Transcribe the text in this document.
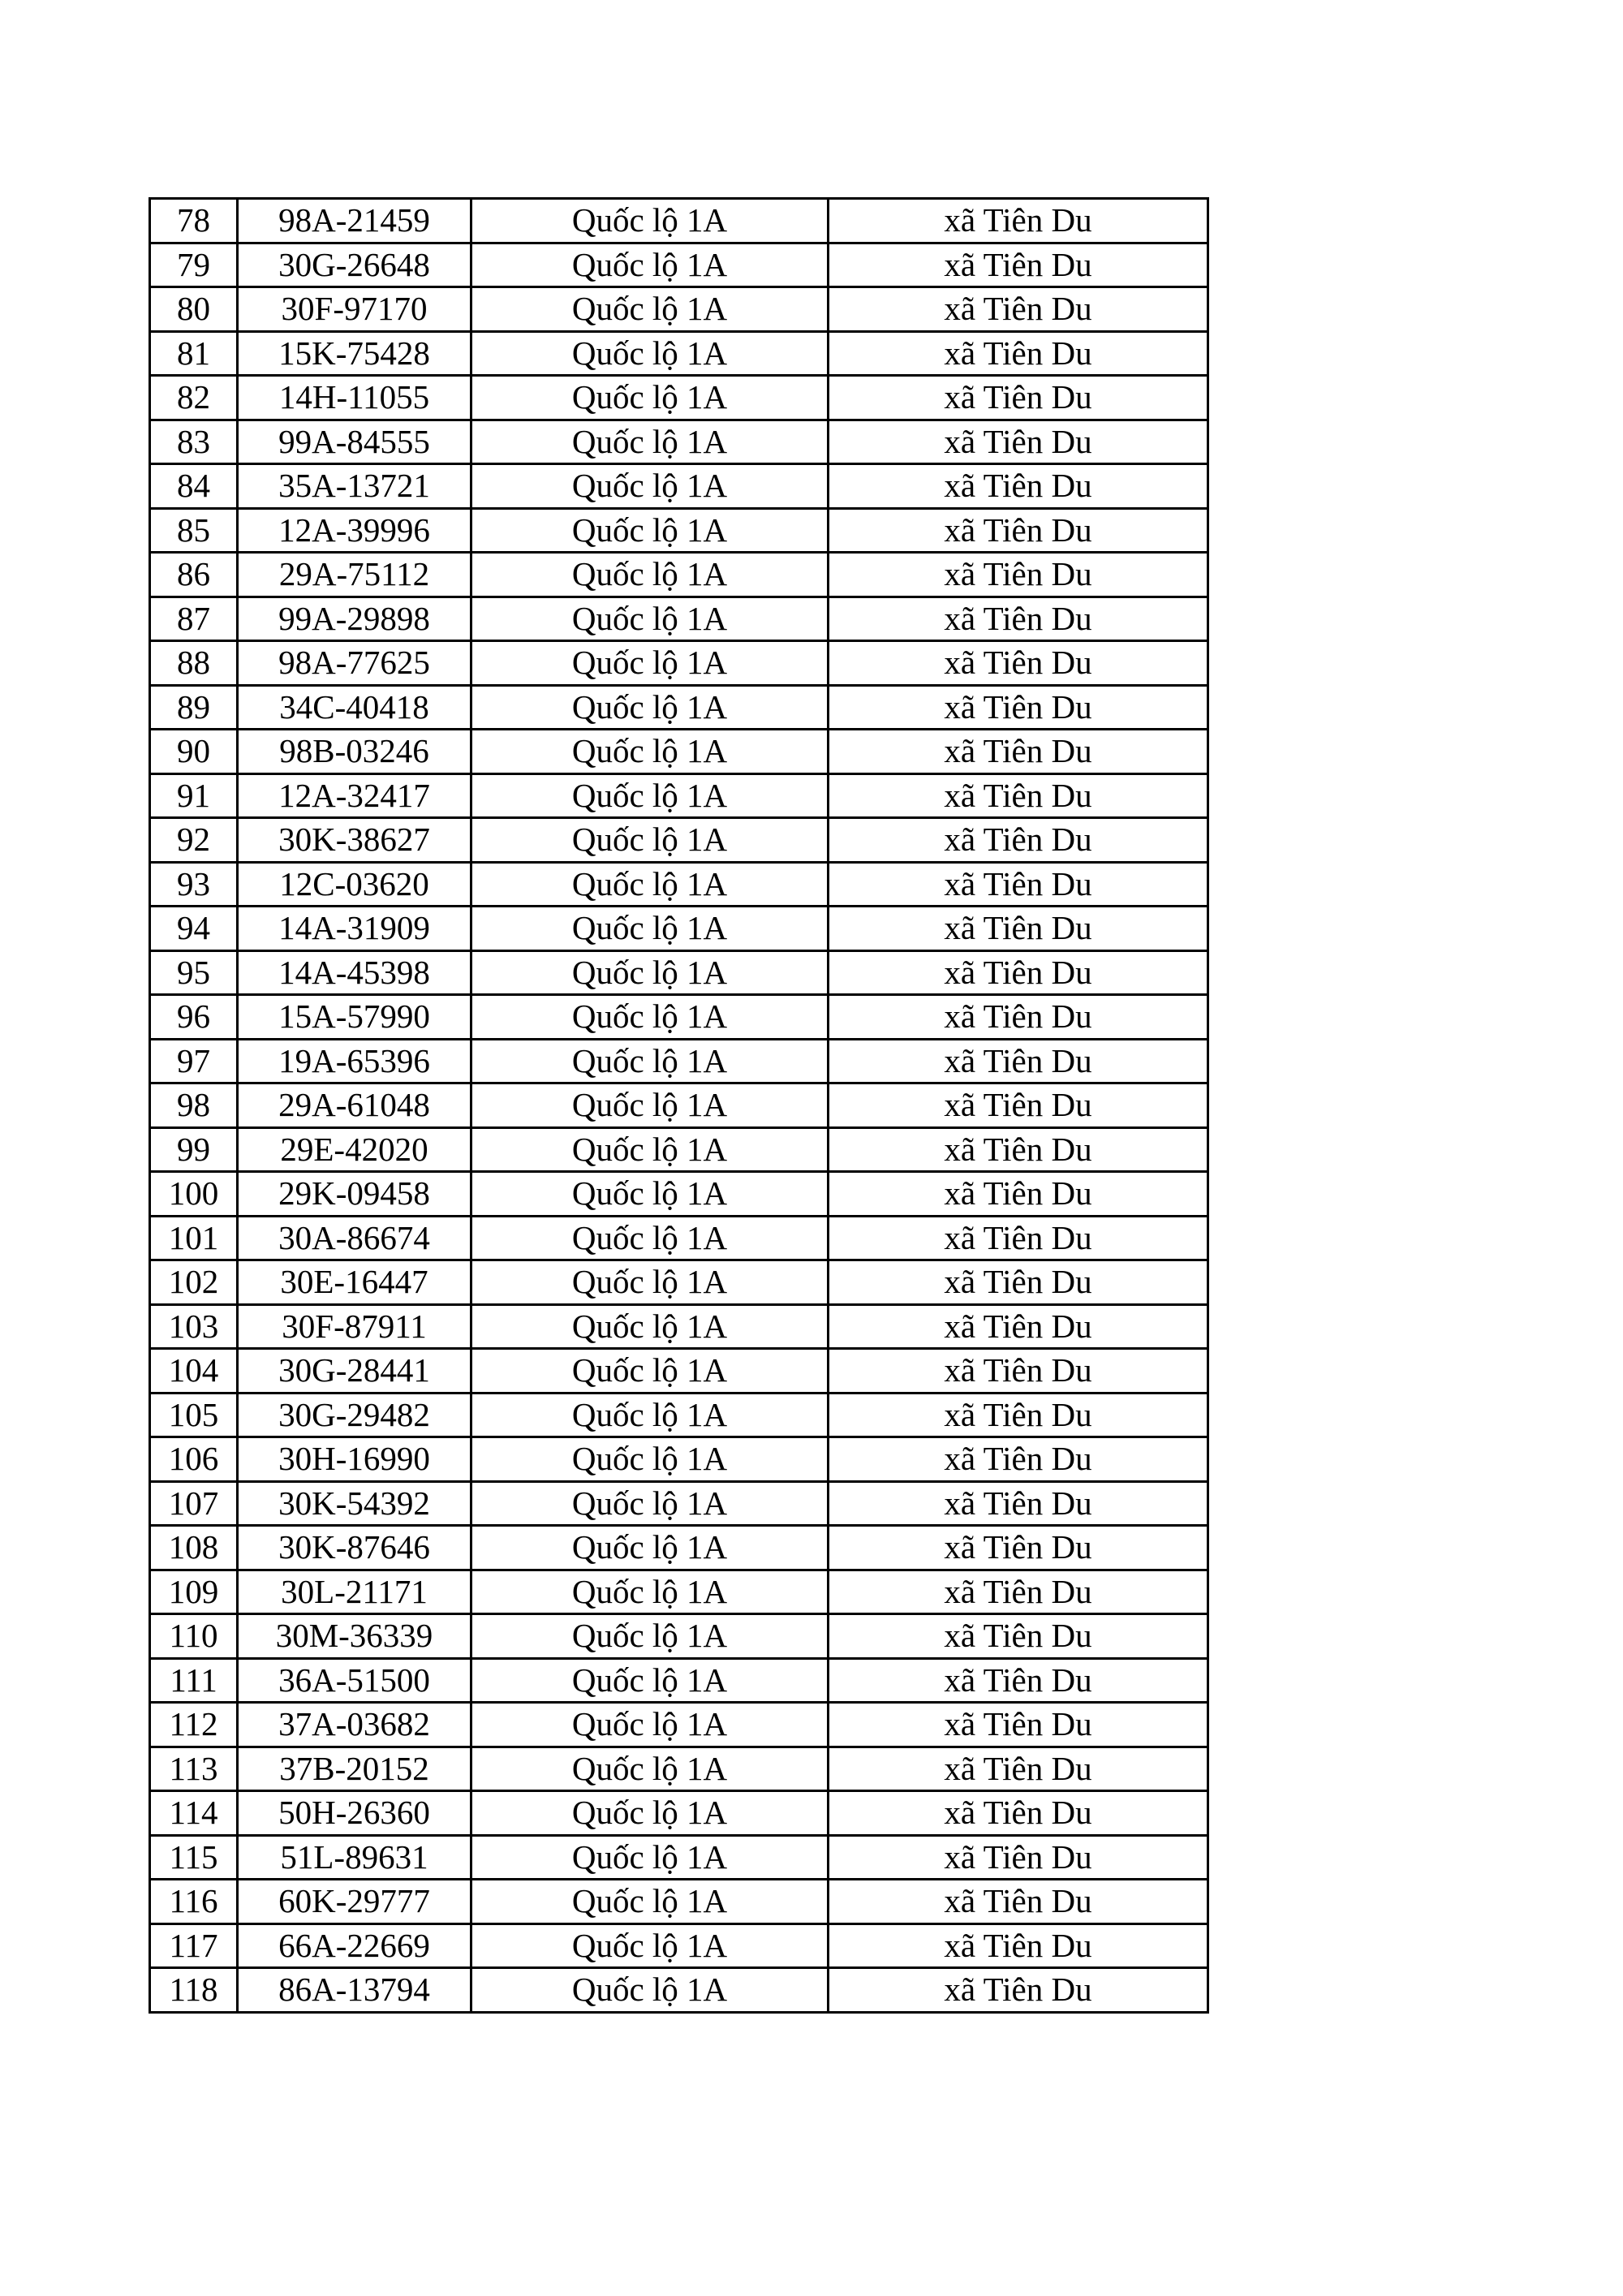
78	98A-21459	Quốc lộ 1A	xã Tiên Du
79	30G-26648	Quốc lộ 1A	xã Tiên Du
80	30F-97170	Quốc lộ 1A	xã Tiên Du
81	15K-75428	Quốc lộ 1A	xã Tiên Du
82	14H-11055	Quốc lộ 1A	xã Tiên Du
83	99A-84555	Quốc lộ 1A	xã Tiên Du
84	35A-13721	Quốc lộ 1A	xã Tiên Du
85	12A-39996	Quốc lộ 1A	xã Tiên Du
86	29A-75112	Quốc lộ 1A	xã Tiên Du
87	99A-29898	Quốc lộ 1A	xã Tiên Du
88	98A-77625	Quốc lộ 1A	xã Tiên Du
89	34C-40418	Quốc lộ 1A	xã Tiên Du
90	98B-03246	Quốc lộ 1A	xã Tiên Du
91	12A-32417	Quốc lộ 1A	xã Tiên Du
92	30K-38627	Quốc lộ 1A	xã Tiên Du
93	12C-03620	Quốc lộ 1A	xã Tiên Du
94	14A-31909	Quốc lộ 1A	xã Tiên Du
95	14A-45398	Quốc lộ 1A	xã Tiên Du
96	15A-57990	Quốc lộ 1A	xã Tiên Du
97	19A-65396	Quốc lộ 1A	xã Tiên Du
98	29A-61048	Quốc lộ 1A	xã Tiên Du
99	29E-42020	Quốc lộ 1A	xã Tiên Du
100	29K-09458	Quốc lộ 1A	xã Tiên Du
101	30A-86674	Quốc lộ 1A	xã Tiên Du
102	30E-16447	Quốc lộ 1A	xã Tiên Du
103	30F-87911	Quốc lộ 1A	xã Tiên Du
104	30G-28441	Quốc lộ 1A	xã Tiên Du
105	30G-29482	Quốc lộ 1A	xã Tiên Du
106	30H-16990	Quốc lộ 1A	xã Tiên Du
107	30K-54392	Quốc lộ 1A	xã Tiên Du
108	30K-87646	Quốc lộ 1A	xã Tiên Du
109	30L-21171	Quốc lộ 1A	xã Tiên Du
110	30M-36339	Quốc lộ 1A	xã Tiên Du
111	36A-51500	Quốc lộ 1A	xã Tiên Du
112	37A-03682	Quốc lộ 1A	xã Tiên Du
113	37B-20152	Quốc lộ 1A	xã Tiên Du
114	50H-26360	Quốc lộ 1A	xã Tiên Du
115	51L-89631	Quốc lộ 1A	xã Tiên Du
116	60K-29777	Quốc lộ 1A	xã Tiên Du
117	66A-22669	Quốc lộ 1A	xã Tiên Du
118	86A-13794	Quốc lộ 1A	xã Tiên Du
